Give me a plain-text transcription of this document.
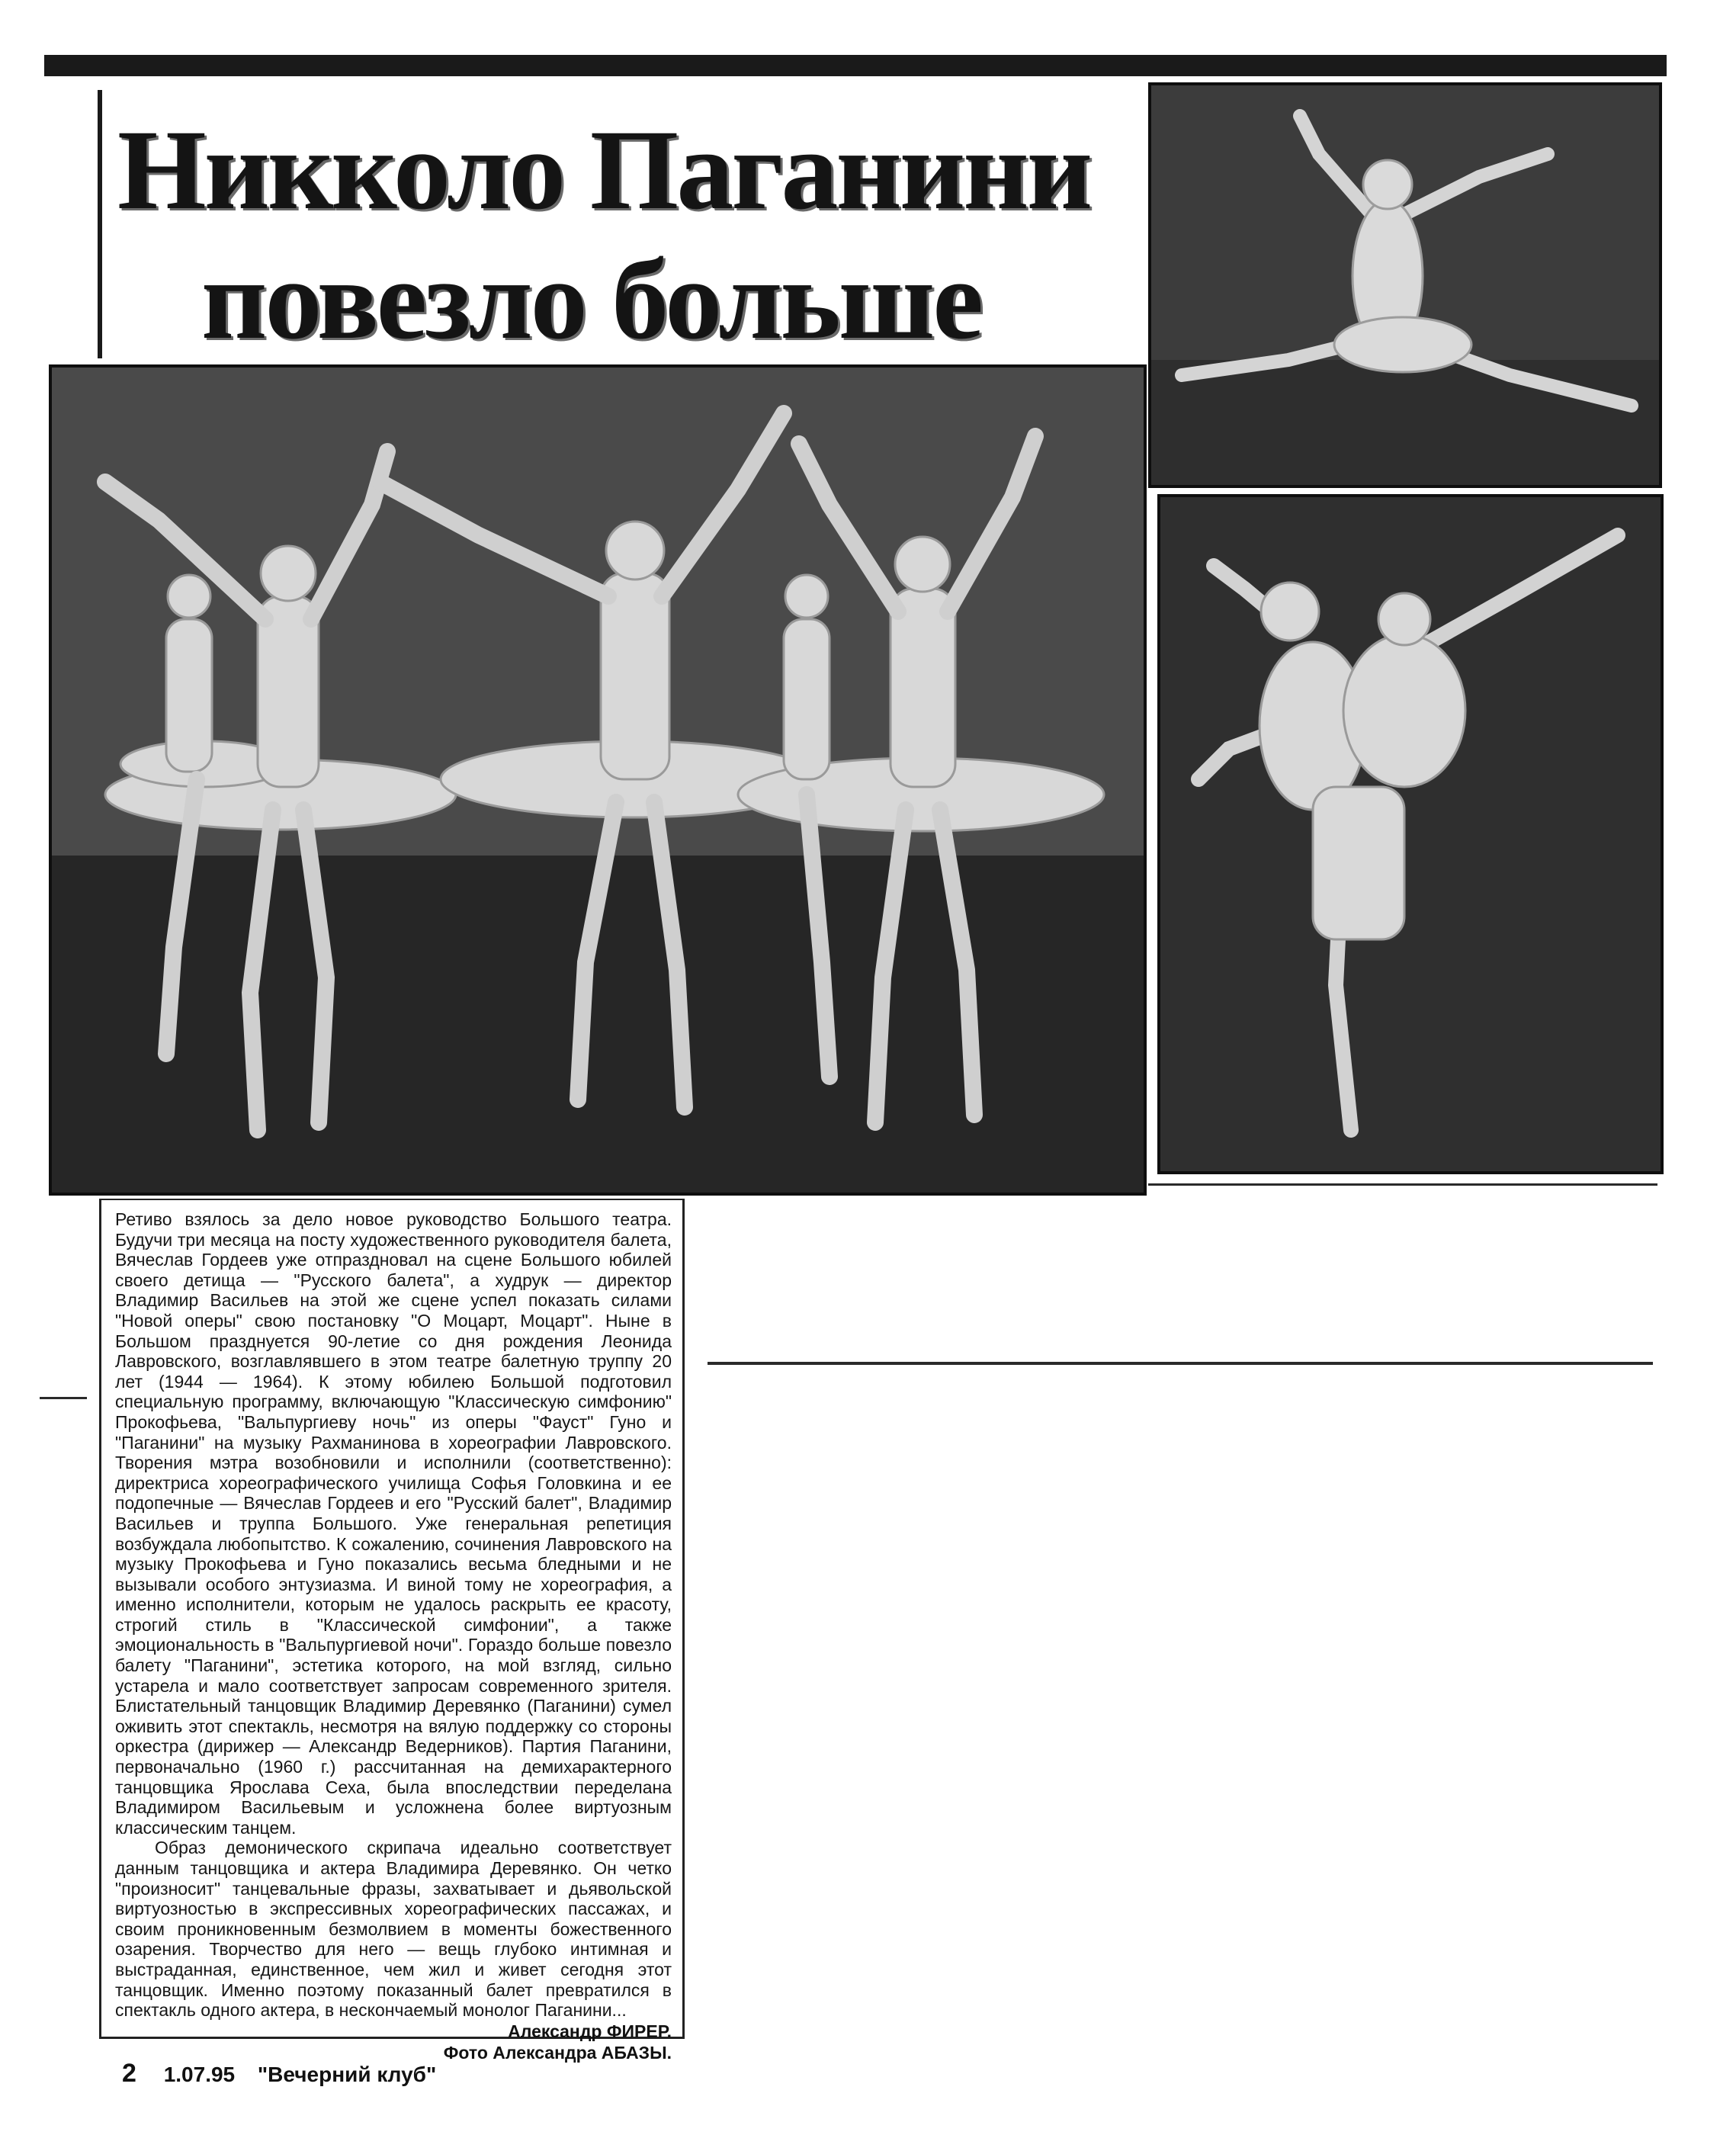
Никколо Паганини
повезло больше

Ретиво взялось за дело новое руководство Большого театра. Будучи три месяца на посту художественного руководителя балета, Вячеслав Гордеев уже отпраздновал на сцене Большого юбилей своего детища — "Русского балета", а худрук — директор Владимир Васильев на этой же сцене успел показать силами "Новой оперы" свою постановку "О Моцарт, Моцарт". Ныне в Большом празднуется 90-летие со дня рождения Леонида Лавровского, возглавлявшего в этом театре балетную труппу 20 лет (1944 — 1964). К этому юбилею Большой подготовил специальную программу, включающую "Классическую симфонию" Прокофьева, "Вальпургиеву ночь" из оперы "Фауст" Гуно и "Паганини" на музыку Рахманинова в хореографии Лавровского. Творения мэтра возобновили и исполнили (соответственно): директриса хореографического училища Софья Головкина и ее подопечные — Вячеслав Гордеев и его "Русский балет", Владимир Васильев и труппа Большого. Уже генеральная репетиция возбуждала любопытство. К сожалению, сочинения Лавровского на музыку Прокофьева и Гуно показались весьма бледными и не вызывали особого энтузиазма. И виной тому не хореография, а именно исполнители, которым не удалось раскрыть ее красоту, строгий стиль в "Классической симфонии", а также эмоциональность в "Вальпургиевой ночи". Гораздо больше повезло балету "Паганини", эстетика которого, на мой взгляд, сильно устарела и мало соответствует запросам современного зрителя. Блистательный танцовщик Владимир Деревянко (Паганини) сумел оживить этот спектакль, несмотря на вялую поддержку со стороны оркестра (дирижер — Александр Ведерников). Партия Паганини, первоначально (1960 г.) рассчитанная на демихарактерного танцовщика Ярослава Сеха, была впоследствии переделана Владимиром Васильевым и усложнена более виртуозным классическим танцем.

Образ демонического скрипача идеально соответствует данным танцовщика и актера Владимира Деревянко. Он четко "произносит" танцевальные фразы, захватывает и дьявольской виртуозностью в экспрессивных хореографических пассажах, и своим проникновенным безмолвием в моменты божественного озарения. Творчество для него — вещь глубоко интимная и выстраданная, единственное, чем жил и живет сегодня этот танцовщик. Именно поэтому показанный балет превратился в спектакль одного актера, в нескончаемый монолог Паганини...

Александр ФИРЕР.

Фото Александра АБАЗЫ.

2 1.07.95 "Вечерний клуб"
